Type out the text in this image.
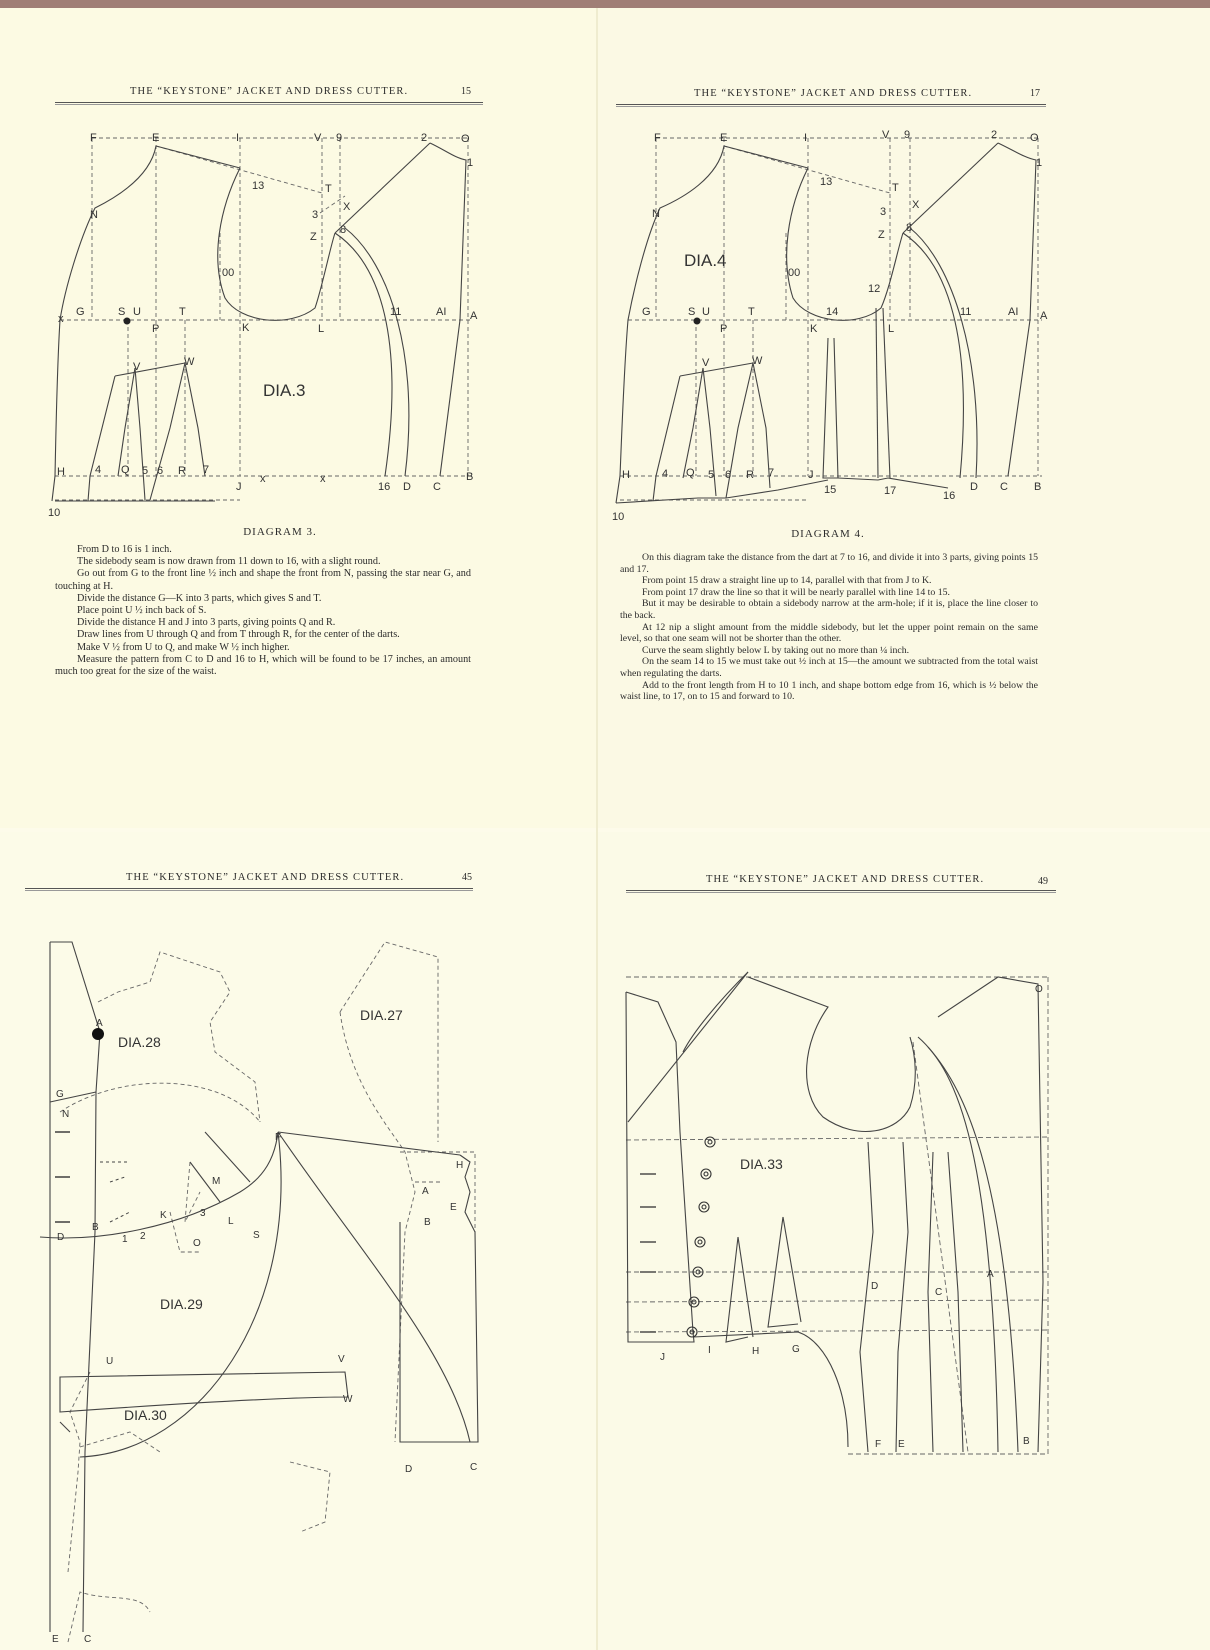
THE “KEYSTONE” JACKET AND DRESS CUTTER.	15
F	E	I	V 9	2	O
1
13	T
3
X
Z
8
N
00
G	S U	T
x
P	K	L
11	AI A
V	W
H	4 Q 5 6 R 7
J
x	x
16 D C
B
10
DIA.3
DIAGRAM 3.

From D to 16 is 1 inch.

The sidebody seam is now drawn from 11 down to 16, with a slight round.

Go out from G to the front line ½ inch and shape the front from N, passing the star near G, and touching at H.

Divide the distance G—K into 3 parts, which gives S and T.

Place point U ½ inch back of S.

Divide the distance H and J into 3 parts, giving points Q and R.

Draw lines from U through Q and from T through R, for the center of the darts.

Make V ½ from U to Q, and make W ½ inch higher.

Measure the pattern from C to D and 16 to H, which will be found to be 17 inches, an amount much too great for the size of the waist.

THE “KEYSTONE” JACKET AND DRESS CUTTER.	17
F	E	I	V 9	2	O
1
13	T
3
X
Z
8
N
00
12
G	S U	T
P	K
14
L
11	AI A
V	W
H	4 Q 5 6 R 7	J
15	17	16
D C B
10
DIA.4
DIAGRAM 4.

On this diagram take the distance from the dart at 7 to 16, and divide it into 3 parts, giving points 15 and 17.

From point 15 draw a straight line up to 14, parallel with that from J to K.

From point 17 draw the line so that it will be nearly parallel with line 14 to 15.

But it may be desirable to obtain a sidebody narrow at the arm-hole; if it is, place the line closer to the back.

At 12 nip a slight amount from the middle sidebody, but let the upper point remain on the same level, so that one seam will not be shorter than the other.

Curve the seam slightly below L by taking out no more than ¼ inch.

On the seam 14 to 15 we must take out ½ inch at 15—the amount we subtracted from the total waist when regulating the darts.

Add to the front length from H to 10 1 inch, and shape bottom edge from 16, which is ½ below the waist line, to 17, on to 15 and forward to 10.

THE “KEYSTONE” JACKET AND DRESS CUTTER.	45
A
G
N
F
H
M
K
L
3
1 2
O
S
B
D
A
B
E
U	V
W
E	C
D	C
DIA.28
DIA.27
DIA.29
DIA.30
THE “KEYSTONE” JACKET AND DRESS CUTTER.	49
O
D
C
A
J
I	H	G
F E	B
DIA.33
